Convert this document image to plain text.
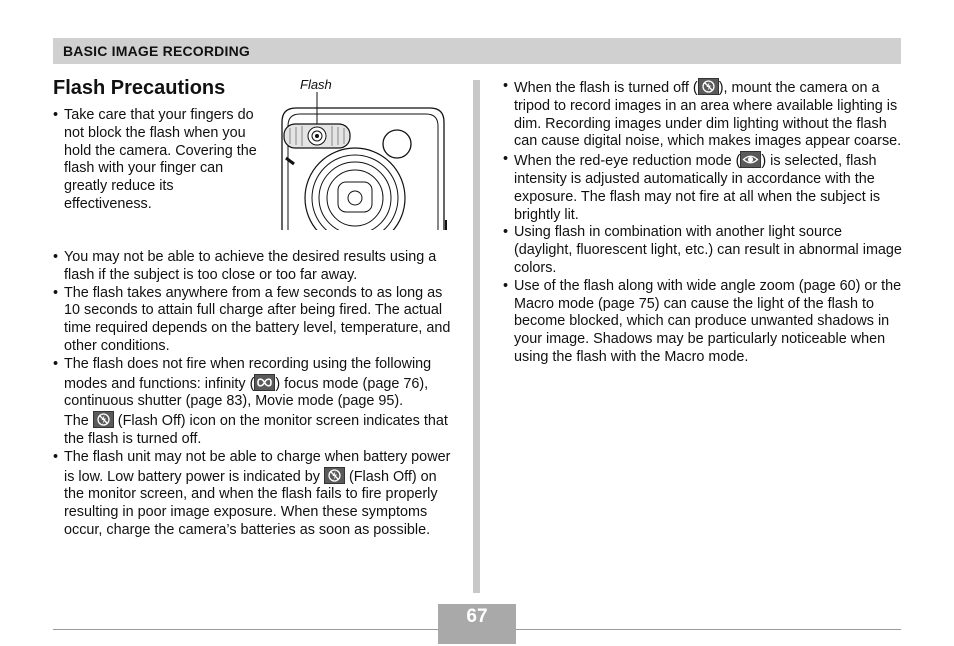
BASIC IMAGE RECORDING
Flash Precautions	Flash
• Take care that your fingers do not block the flash when you hold the camera. Covering the flash with your finger can greatly reduce its effectiveness.
• You may not be able to achieve the desired results using a flash if the subject is too close or too far away.
• The flash takes anywhere from a few seconds to as long as 10 seconds to attain full charge after being fired. The actual time required depends on the battery level, temperature, and other conditions.
• The flash does not fire when recording using the following modes and functions: infinity ( ) focus mode (page 76), continuous shutter (page 83), Movie mode (page 95).
The
(Flash Off) icon on the monitor screen indicates that the flash is turned off.
• The flash unit may not be able to charge when battery power is low. Low battery power is indicated by
(Flash Off) on the monitor screen, and when the flash fails to fire properly resulting in poor image exposure. When these symptoms occur, charge the camera’s batteries as soon as possible.
• When the flash is turned off ( ), mount the camera on a tripod to record images in an area where available lighting is dim. Recording images under dim lighting without the flash can cause digital noise, which makes images appear coarse.
• When the red-eye reduction mode ( ) is selected, flash intensity is adjusted automatically in accordance with the exposure. The flash may not fire at all when the subject is brightly lit.
• Using flash in combination with another light source (daylight, fluorescent light, etc.) can result in abnormal image colors.
• Use of the flash along with wide angle zoom (page 60) or the Macro mode (page 75) can cause the light of the flash to become blocked, which can produce unwanted shadows in your image. Shadows may be particularly noticeable when using the flash with the Macro mode.
67
